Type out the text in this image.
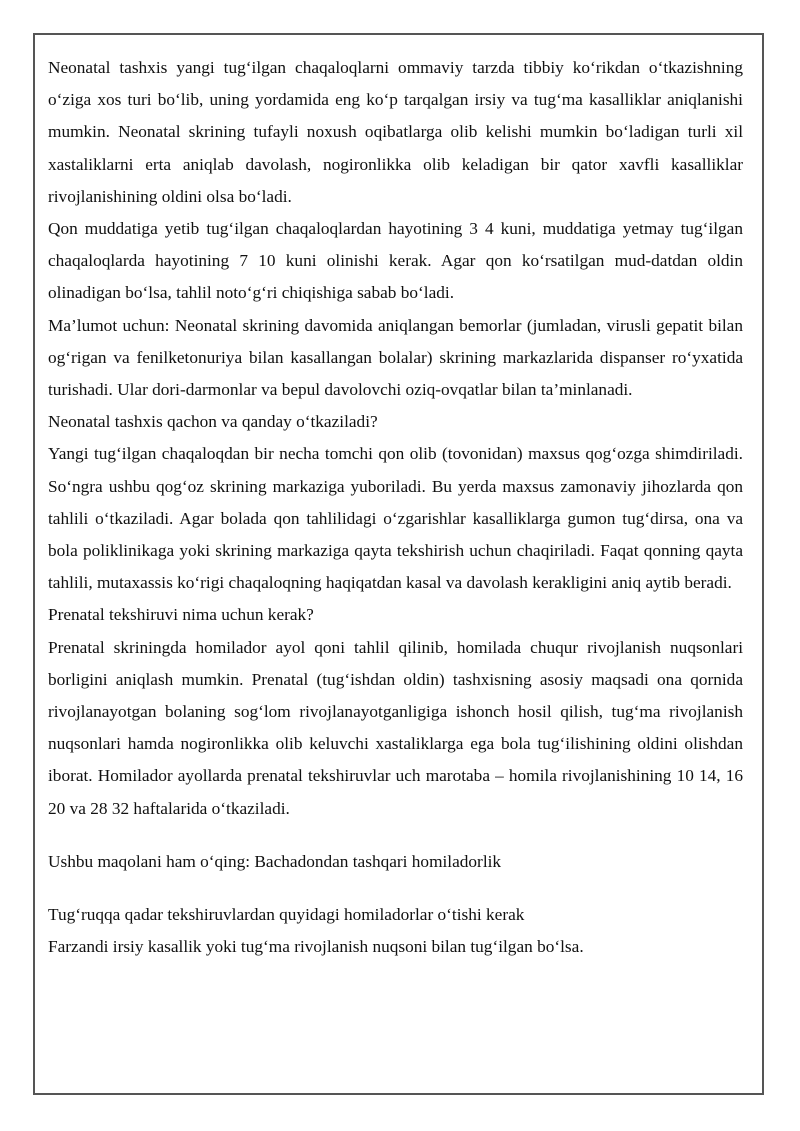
Neonatal tashxis yangi tug‘ilgan chaqaloqlarni ommaviy tarzda tibbiy ko‘rikdan o‘tkazishning o‘ziga xos turi bo‘lib, uning yordamida eng ko‘p tarqalgan irsiy va tug‘ma kasalliklar aniqlanishi mumkin. Neonatal skrining tufayli noxush oqibatlarga olib kelishi mumkin bo‘ladigan turli xil xastaliklarni erta aniqlab davolash, nogironlikka olib keladigan bir qator xavfli kasalliklar rivojlanishining oldini olsa bo‘ladi.

Qon muddatiga yetib tug‘ilgan chaqaloqlardan hayotining 3 4 kuni, muddatiga yetmay tug‘ilgan chaqaloqlarda hayotining 7 10 kuni olinishi kerak. Agar qon ko‘rsatilgan mud-datdan oldin olinadigan bo‘lsa, tahlil noto‘g‘ri chiqishiga sabab bo‘ladi.

Ma’lumot uchun: Neonatal skrining davomida aniqlangan bemorlar (jumladan, virusli gepatit bilan og‘rigan va fenilketonuriya bilan kasallangan bolalar) skrining markazlarida dispanser ro‘yxatida turishadi. Ular dori-darmonlar va bepul davolovchi oziq-ovqatlar bilan ta’minlanadi.

Neonatal tashxis qachon va qanday o‘tkaziladi?

Yangi tug‘ilgan chaqaloqdan bir necha tomchi qon olib (tovonidan) maxsus qog‘ozga shimdiriladi. So‘ngra ushbu qog‘oz skrining markaziga yuboriladi. Bu yerda maxsus zamonaviy jihozlarda qon tahlili o‘tkaziladi. Agar bolada qon tahlilidagi o‘zgarishlar kasalliklarga gumon tug‘dirsa, ona va bola poliklinikaga yoki skrining markaziga qayta tekshirish uchun chaqiriladi. Faqat qonning qayta tahlili, mutaxassis ko‘rigi chaqaloqning haqiqatdan kasal va davolash kerakligini aniq aytib beradi.

Prenatal tekshiruvi nima uchun kerak?

Prenatal skriningda homilador ayol qoni tahlil qilinib, homilada chuqur rivojlanish nuqsonlari borligini aniqlash mumkin. Prenatal (tug‘ishdan oldin) tashxisning asosiy maqsadi ona qornida rivojlanayotgan bolaning sog‘lom rivojlanayotganligiga ishonch hosil qilish, tug‘ma rivojlanish nuqsonlari hamda nogironlikka olib keluvchi xastaliklarga ega bola tug‘ilishining oldini olishdan iborat. Homilador ayollarda prenatal tekshiruvlar uch marotaba – homila rivojlanishining 10 14, 16 20 va 28 32 haftalarida o‘tkaziladi.

Ushbu maqolani ham o‘qing: Bachadondan tashqari homiladorlik

Tug‘ruqqa qadar tekshiruvlardan quyidagi homiladorlar o‘tishi kerak

Farzandi irsiy kasallik yoki tug‘ma rivojlanish nuqsoni bilan tug‘ilgan bo‘lsa.
